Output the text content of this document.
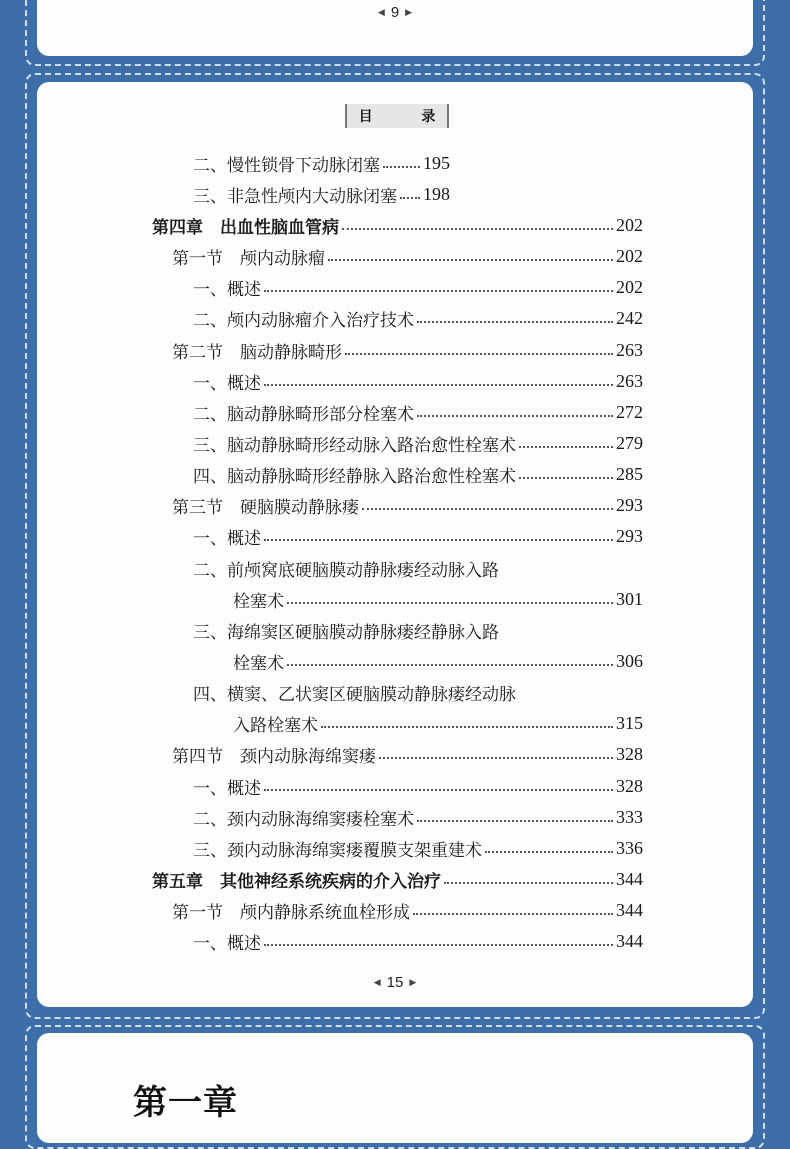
◀ 9 ▶
目 录
二、慢性锁骨下动脉闭塞 195
三、非急性颅内大动脉闭塞 198
第四章　出血性脑血管病	202
第一节　颅内动脉瘤	202
一、概述	202
二、颅内动脉瘤介入治疗技术	242
第二节　脑动静脉畸形	263
一、概述	263
二、脑动静脉畸形部分栓塞术	272
三、脑动静脉畸形经动脉入路治愈性栓塞术	279
四、脑动静脉畸形经静脉入路治愈性栓塞术	285
第三节　硬脑膜动静脉瘘	293
一、概述	293
二、前颅窝底硬脑膜动静脉瘘经动脉入路
栓塞术	301
三、海绵窦区硬脑膜动静脉瘘经静脉入路
栓塞术	306
四、横窦、乙状窦区硬脑膜动静脉瘘经动脉
入路栓塞术	315
第四节　颈内动脉海绵窦瘘	328
一、概述	328
二、颈内动脉海绵窦瘘栓塞术	333
三、颈内动脉海绵窦瘘覆膜支架重建术	336
第五章　其他神经系统疾病的介入治疗	344
第一节　颅内静脉系统血栓形成	344
一、概述	344
◀ 15 ▶
第一章
